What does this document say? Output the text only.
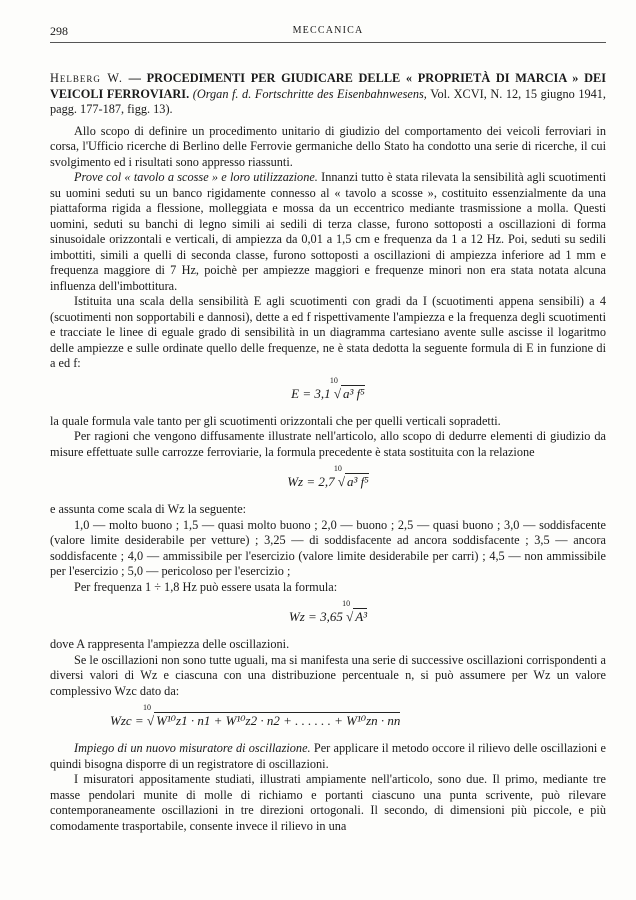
298	MECCANICA
Helberg W. — PROCEDIMENTI PER GIUDICARE DELLE « PROPRIETÀ DI MARCIA » DEI VEICOLI FERROVIARI. (Organ f. d. Fortschritte des Eisenbahnwesens, Vol. XCVI, N. 12, 15 giugno 1941, pagg. 177-187, figg. 13).

Allo scopo di definire un procedimento unitario di giudizio del comportamento dei veicoli ferroviari in corsa, l'Ufficio ricerche di Berlino delle Ferrovie germaniche dello Stato ha condotto una serie di ricerche, il cui svolgimento ed i risultati sono appresso riassunti.

Prove col « tavolo a scosse » e loro utilizzazione. Innanzi tutto è stata rilevata la sensibilità agli scuotimenti su uomini seduti su un banco rigidamente connesso al « tavolo a scosse », costituito essenzialmente da una piattaforma rigida a flessione, molleggiata e mossa da un eccentrico mediante trasmissione a molla. Questi uomini, seduti su banchi di legno simili ai sedili di terza classe, furono sottoposti a oscillazioni di forma sinusoidale orizzontali e verticali, di ampiezza da 0,01 a 1,5 cm e frequenza da 1 a 12 Hz. Poi, seduti su sedili imbottiti, simili a quelli di seconda classe, furono sottoposti a oscillazioni di ampiezza inferiore ad 1 mm e frequenza maggiore di 7 Hz, poichè per ampiezze maggiori e frequenze minori non era stata notata alcuna influenza dell'imbottitura.

Istituita una scala della sensibilità E agli scuotimenti con gradi da I (scuotimenti appena sensibili) a 4 (scuotimenti non sopportabili e dannosi), dette a ed f rispettivamente l'ampiezza e la frequenza degli scuotimenti e tracciate le linee di eguale grado di sensibilità in un diagramma cartesiano avente sulle ascisse il logaritmo delle ampiezze e sulle ordinate quello delle frequenze, ne è stata dedotta la seguente formula di E in funzione di a ed f:

E = 3,1
10
√ a³ f⁵

la quale formula vale tanto per gli scuotimenti orizzontali che per quelli verticali sopradetti.

Per ragioni che vengono diffusamente illustrate nell'articolo, allo scopo di dedurre elementi di giudizio da misure effettuate sulle carrozze ferroviarie, la formula precedente è stata sostituita con la relazione

Wz = 2,7
10
√ a³ f⁵

e assunta come scala di Wz la seguente:

1,0 — molto buono ; 1,5 — quasi molto buono ; 2,0 — buono ; 2,5 — quasi buono ; 3,0 — soddisfacente (valore limite desiderabile per vetture) ; 3,25 — di soddisfacente ad ancora soddisfacente ; 3,5 — ancora soddisfacente ; 4,0 — ammissibile per l'esercizio (valore limite desiderabile per carri) ; 4,5 — non ammissibile per l'esercizio ; 5,0 — pericoloso per l'esercizio ;

Per frequenza 1 ÷ 1,8 Hz può essere usata la formula:

Wz = 3,65
10
√ A³

dove A rappresenta l'ampiezza delle oscillazioni.

Se le oscillazioni non sono tutte uguali, ma si manifesta una serie di successive oscillazioni corrispondenti a diversi valori di Wz e ciascuna con una distribuzione percentuale n, si può assumere per Wz un valore complessivo Wzc dato da:

Wzc =
10
√ W¹⁰z1 · n1 + W¹⁰z2 · n2 + . . . . . . + W¹⁰zn · nn

Impiego di un nuovo misuratore di oscillazione. Per applicare il metodo occore il rilievo delle oscillazioni e quindi bisogna disporre di un registratore di oscillazioni.

I misuratori appositamente studiati, illustrati ampiamente nell'articolo, sono due. Il primo, mediante tre masse pendolari munite di molle di richiamo e portanti ciascuno una punta scrivente, può rilevare contemporaneamente oscillazioni in tre direzioni ortogonali. Il secondo, di dimensioni più piccole, e più comodamente trasportabile, consente invece il rilievo in una
